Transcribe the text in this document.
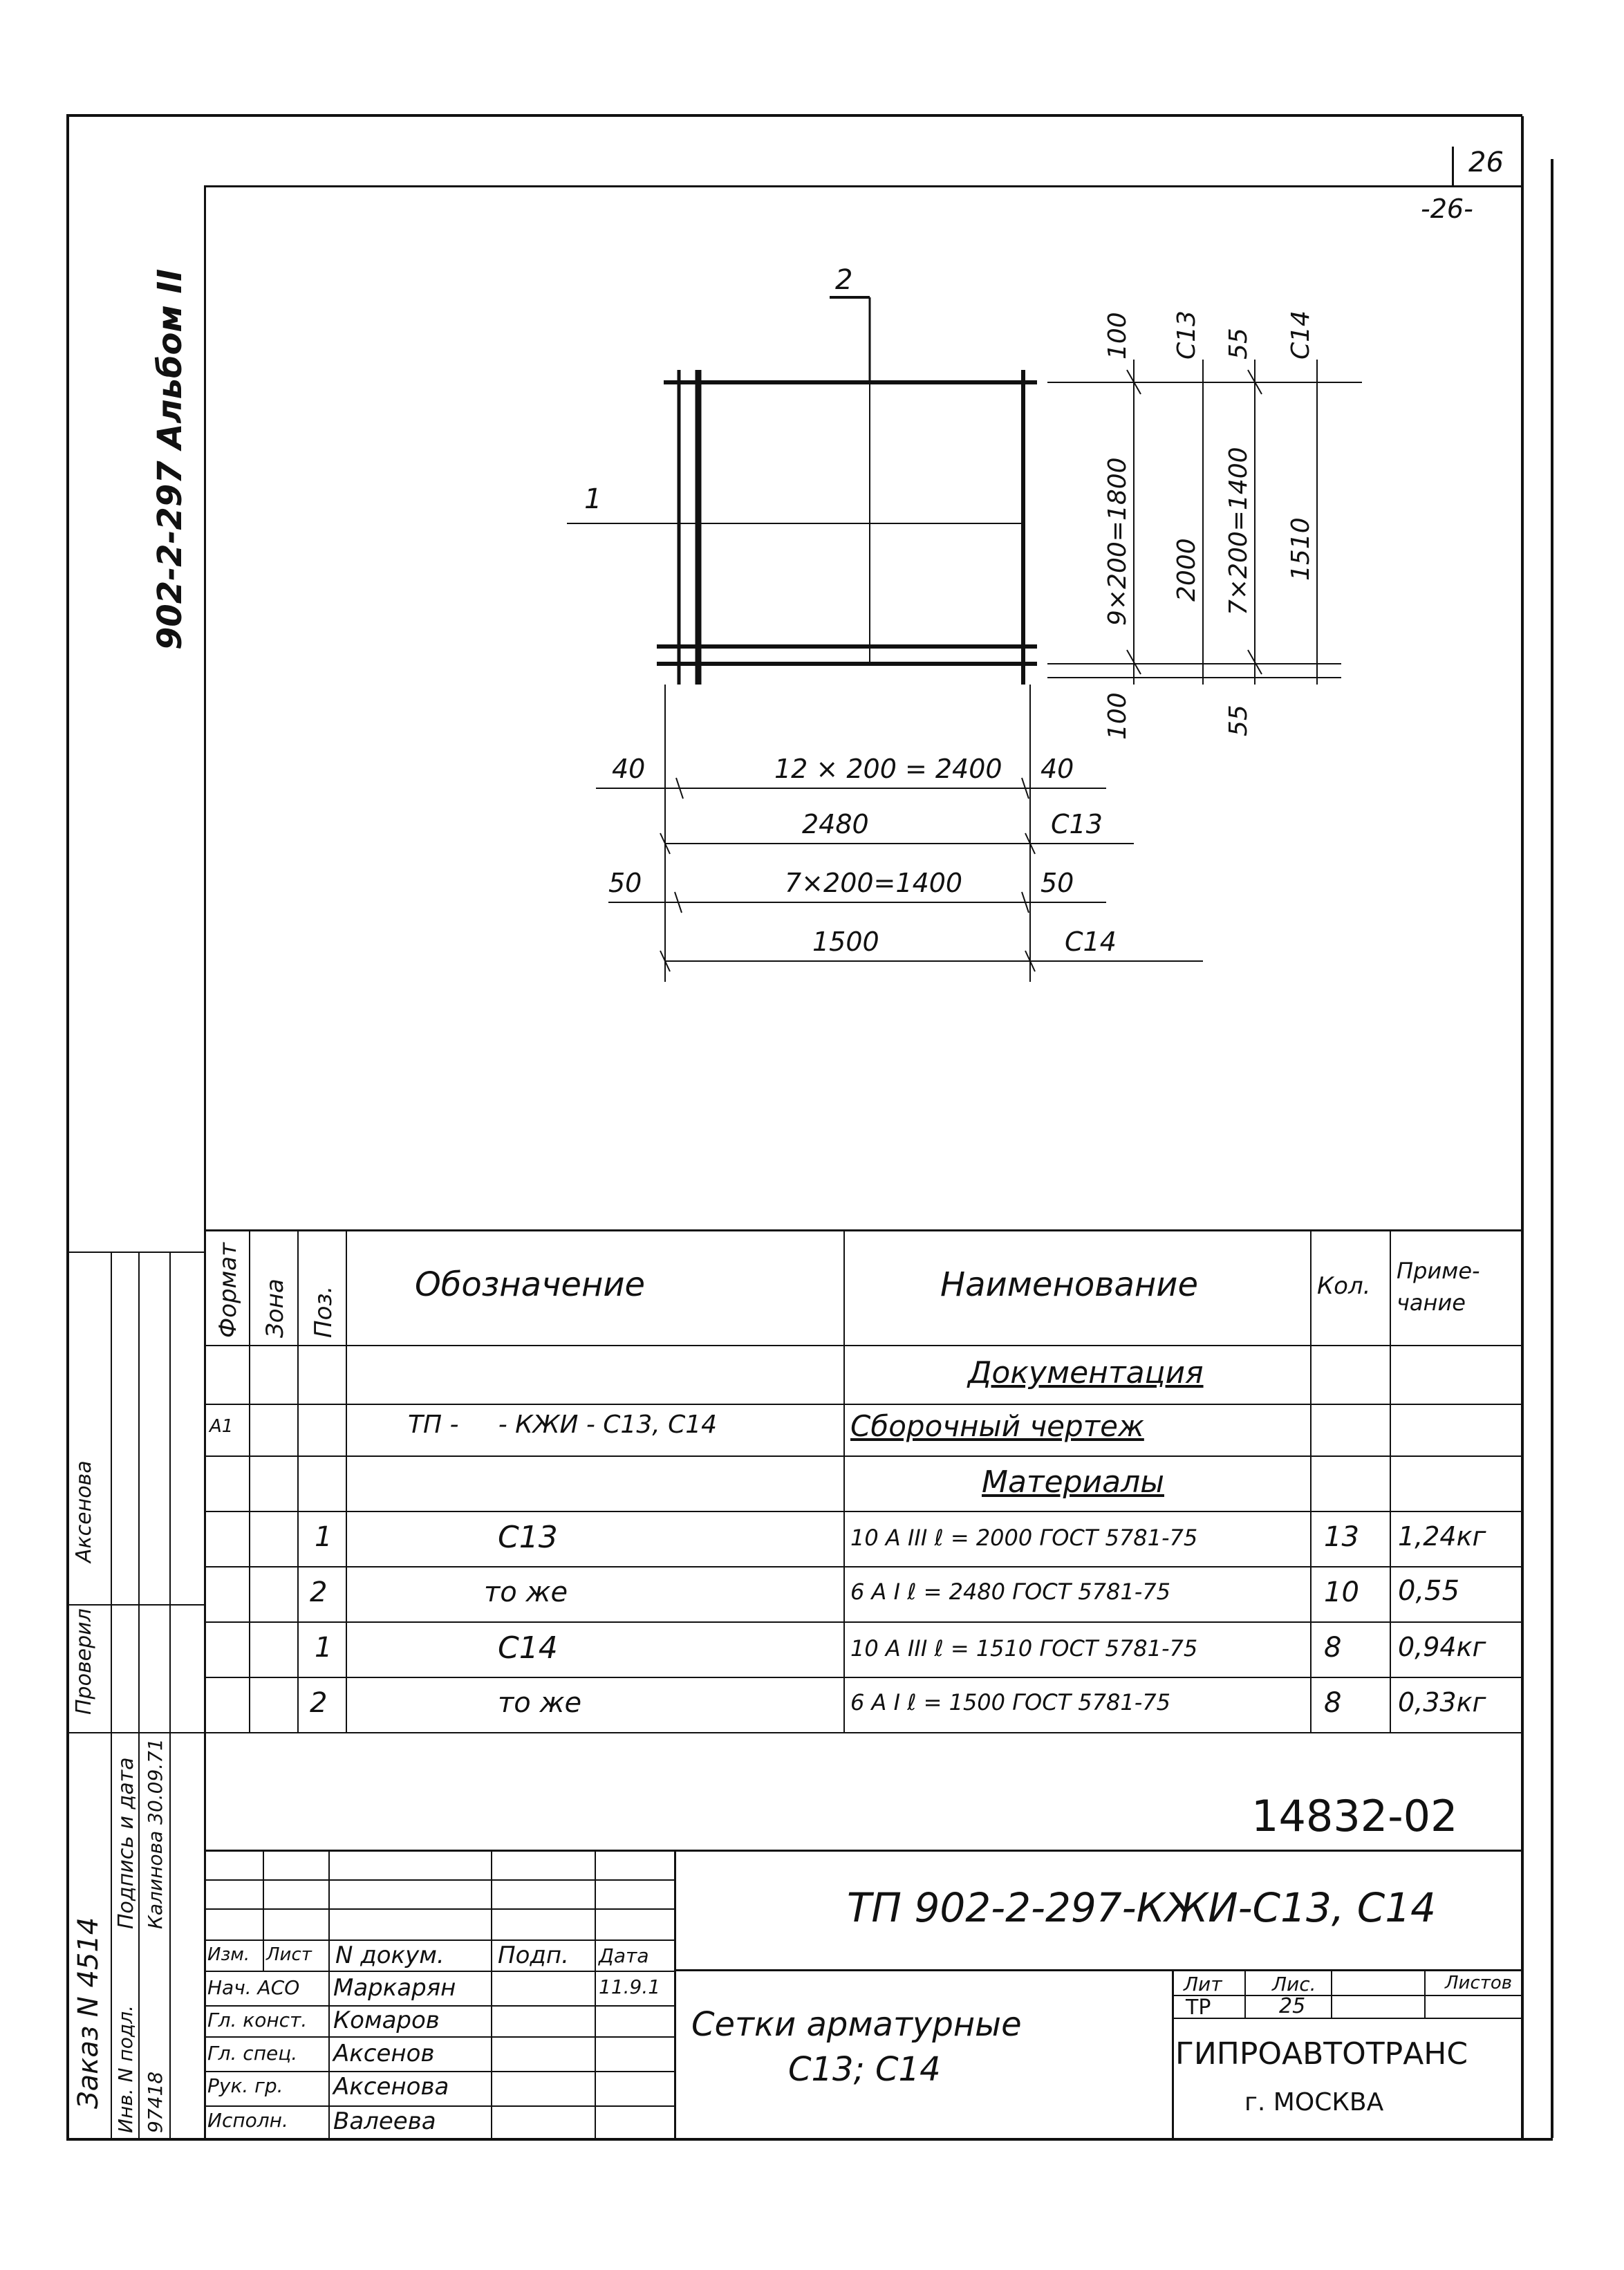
26
-26-
902-2-297 Альбом II	2
1
100 С13 55 С14
9×200=1800 2000 7×200=1400 1510
100	55
40	12 × 200 = 2400 40
2480	С13
50	7×200=1400	50
1500	С14
Формат Зона Поз.
Обозначение	Наименование	Кол.
Приме-чание
Документация
А1	ТП -     - КЖИ - С13, С14	Сборочный чертеж
Материалы
1	С13	10 А III ℓ = 2000 ГОСТ 5781-75	13 1,24кг
2	то же	6 А I ℓ = 2480 ГОСТ 5781-75	10 0,55
1	С14	10 А III ℓ = 1510 ГОСТ 5781-75	8 0,94кг
2	то же	6 А I ℓ = 1500 ГОСТ 5781-75	8 0,33кг
14832-02
Изм. Лист N докум. Подп. Дата
Нач. АСО Маркарян	11.9.1
Гл. конст. Комаров
Гл. спец. Аксенов
Рук. гр. Аксенова
Исполн. Валеева
ТП 902-2-297-КЖИ-С13, С14
Сетки арматурные
С13; С14
Лит
ТР
Лис.
25
Листов
ГИПРОАВТОТРАНС
г. МОСКВА
Проверил
Аксенова
Заказ N 4514
Подпись и дата Калинова 30.09.71
Инв. N подл. 97418
